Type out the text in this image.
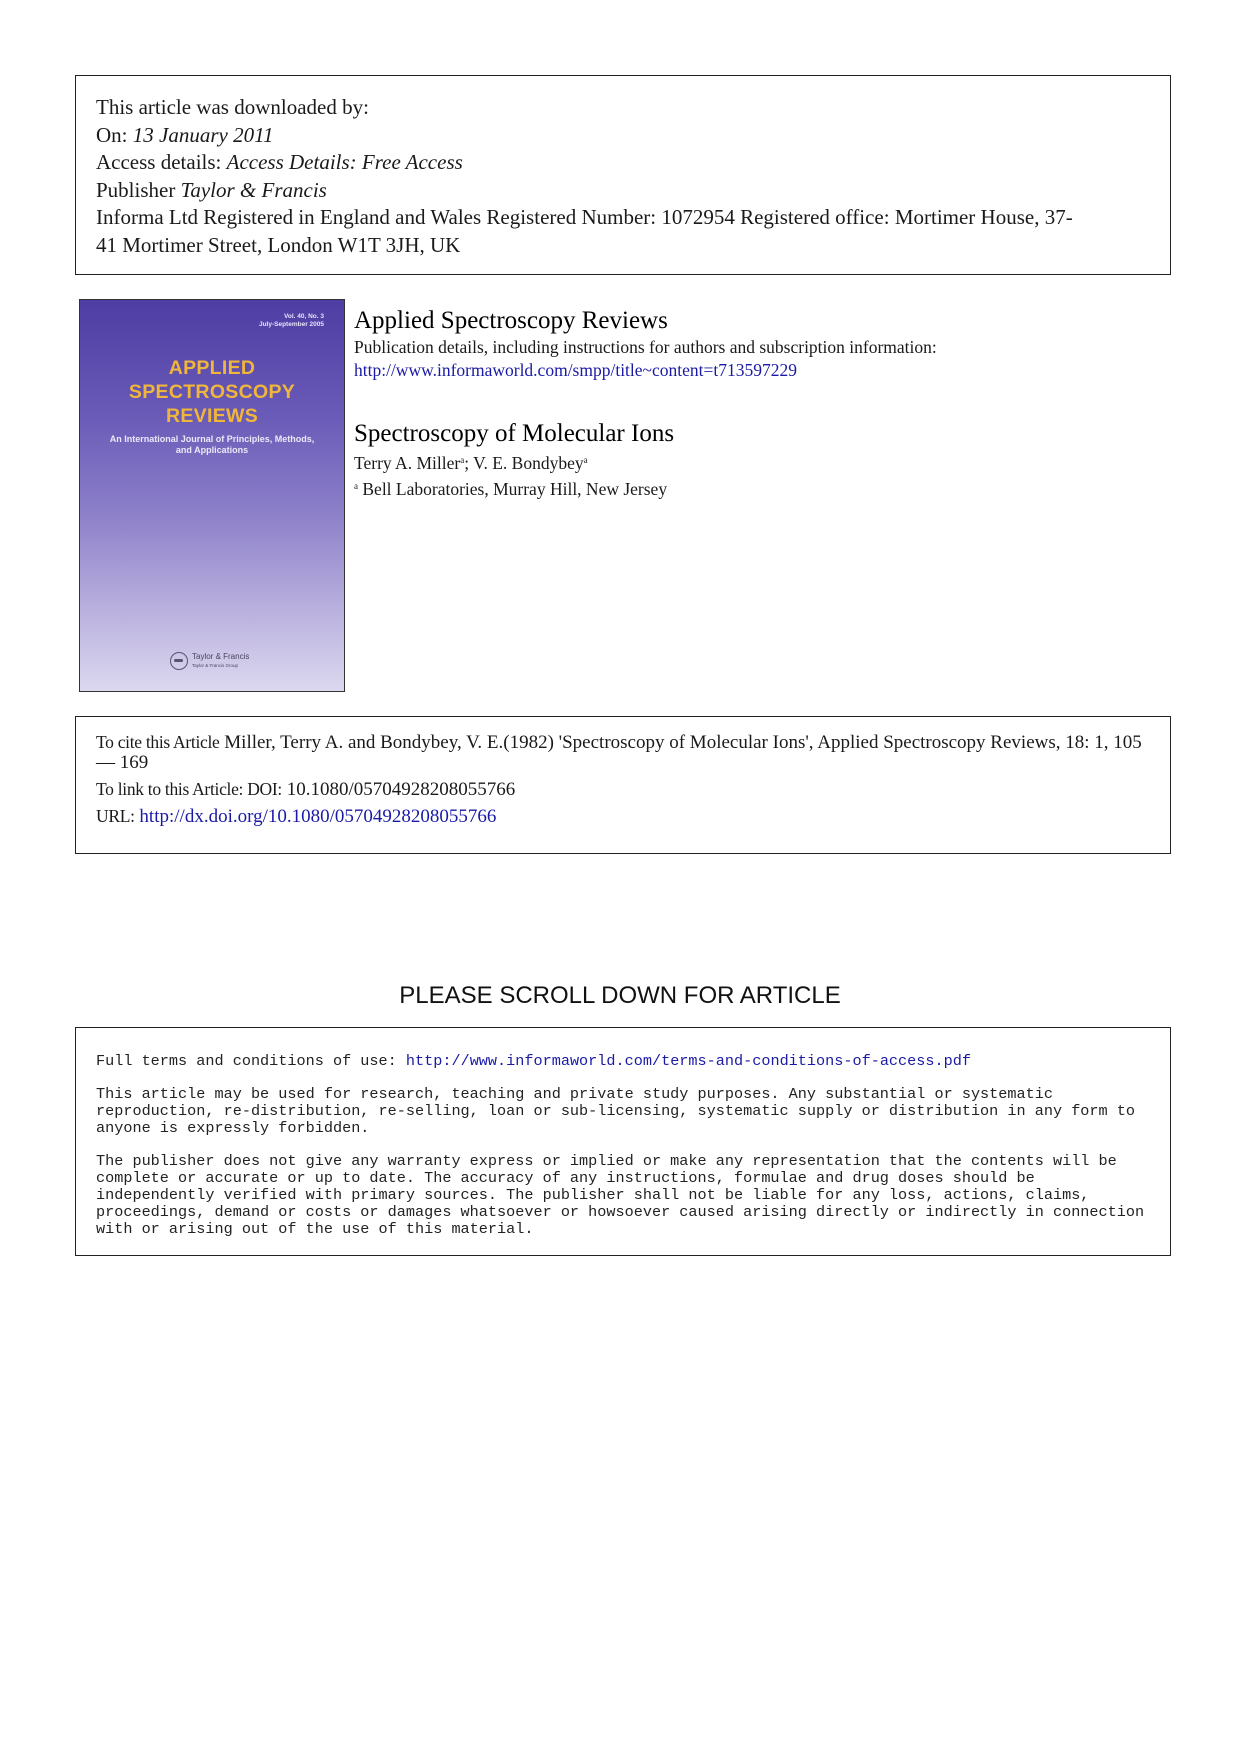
This article was downloaded by:
On: 13 January 2011
Access details: Access Details: Free Access
Publisher Taylor & Francis
Informa Ltd Registered in England and Wales Registered Number: 1072954 Registered office: Mortimer House, 37-
41 Mortimer Street, London W1T 3JH, UK
Vol. 40, No. 3
July-September 2005
APPLIED
SPECTROSCOPY
REVIEWS
An International Journal of Principles, Methods, and Applications
Taylor & Francis
Taylor & Francis Group
Applied Spectroscopy Reviews
Publication details, including instructions for authors and subscription information:
http://www.informaworld.com/smpp/title~content=t713597229
Spectroscopy of Molecular Ions
Terry A. Miller$^a$; V. E. Bondybey$^a$
$^a$ Bell Laboratories, Murray Hill, New Jersey
To cite this Article Miller, Terry A. and Bondybey, V. E.(1982) 'Spectroscopy of Molecular Ions', Applied Spectroscopy Reviews, 18: 1, 105 — 169
To link to this Article: DOI: 10.1080/05704928208055766
URL: http://dx.doi.org/10.1080/05704928208055766
PLEASE SCROLL DOWN FOR ARTICLE

Full terms and conditions of use: http://www.informaworld.com/terms-and-conditions-of-access.pdf

This article may be used for research, teaching and private study purposes. Any substantial or systematic reproduction, re-distribution, re-selling, loan or sub-licensing, systematic supply or distribution in any form to anyone is expressly forbidden.

The publisher does not give any warranty express or implied or make any representation that the contents will be complete or accurate or up to date. The accuracy of any instructions, formulae and drug doses should be independently verified with primary sources. The publisher shall not be liable for any loss, actions, claims, proceedings, demand or costs or damages whatsoever or howsoever caused arising directly or indirectly in connection with or arising out of the use of this material.
